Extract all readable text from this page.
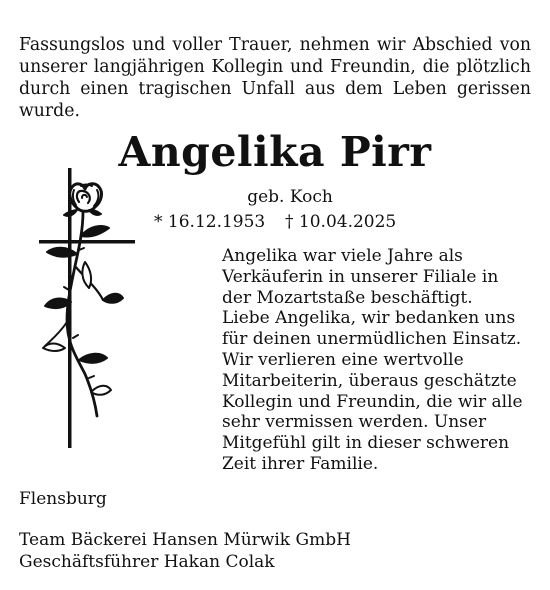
Fassungslos und voller Trauer, nehmen wir Abschied von unserer langjährigen Kollegin und Freundin, die plötzlich durch einen tragischen Unfall aus dem Leben gerissen wurde.
Angelika Pirr
geb. Koch
* 16.12.1953 † 10.04.2025

Angelika war viele Jahre als Verkäuferin in unserer Filiale in der Mozartstaße beschäftigt.

Liebe Angelika, wir bedanken uns für deinen unermüdlichen Einsatz. Wir verlieren eine wertvolle Mitarbeiterin, überaus geschätzte Kollegin und Freundin, die wir alle sehr vermissen werden. Unser Mitgefühl gilt in dieser schweren Zeit ihrer Familie.

Flensburg
Team Bäckerei Hansen Mürwik GmbH
Geschäftsführer Hakan Colak
